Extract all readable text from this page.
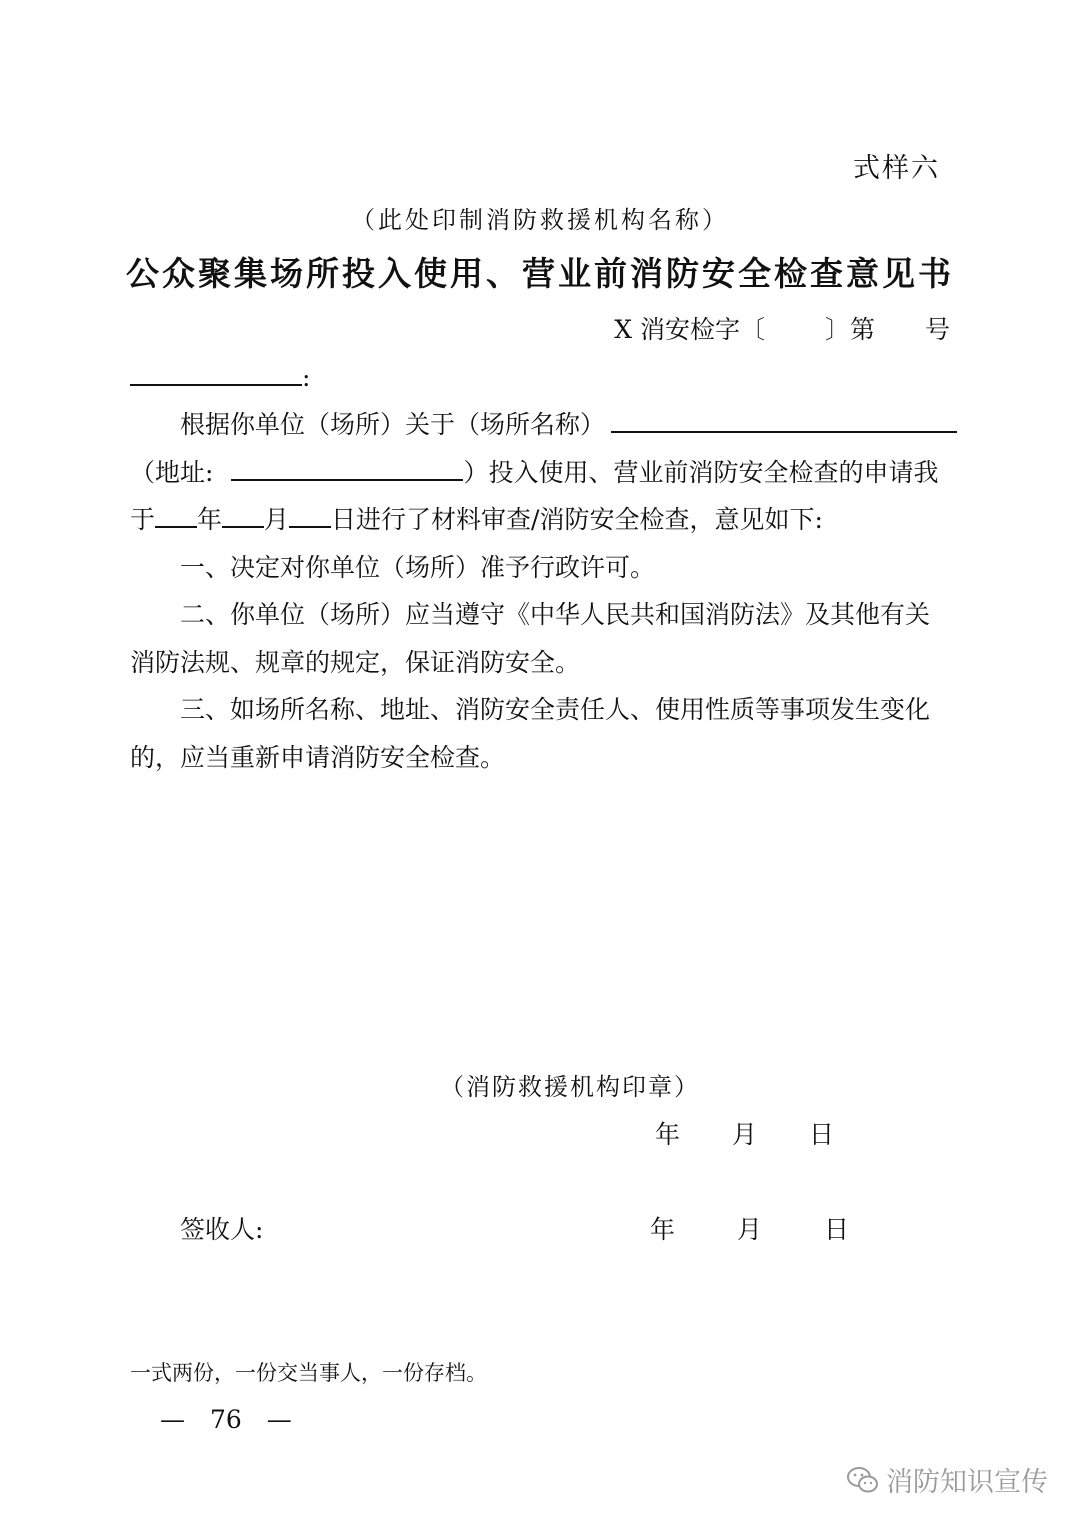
式样六
（此处印制消防救援机构名称）
公众聚集场所投入使用、营业前消防安全检查意见书
X 消安检字〔 〕第 号
:
根据你单位（场所）关于（场所名称）
（地址:	）投入使用、营业前消防安全检查的申请我
于 年 月 日进行了材料审查/消防安全检查，意见如下:
一、决定对你单位（场所）准予行政许可。
二、你单位（场所）应当遵守《中华人民共和国消防法》及其他有关
消防法规、规章的规定，保证消防安全。
三、如场所名称、地址、消防安全责任人、使用性质等事项发生变化
的，应当重新申请消防安全检查。
（消防救援机构印章）
年 月 日
签收人:	年 月 日
一式两份，一份交当事人，一份存档。
—　76　—
消防知识宣传
